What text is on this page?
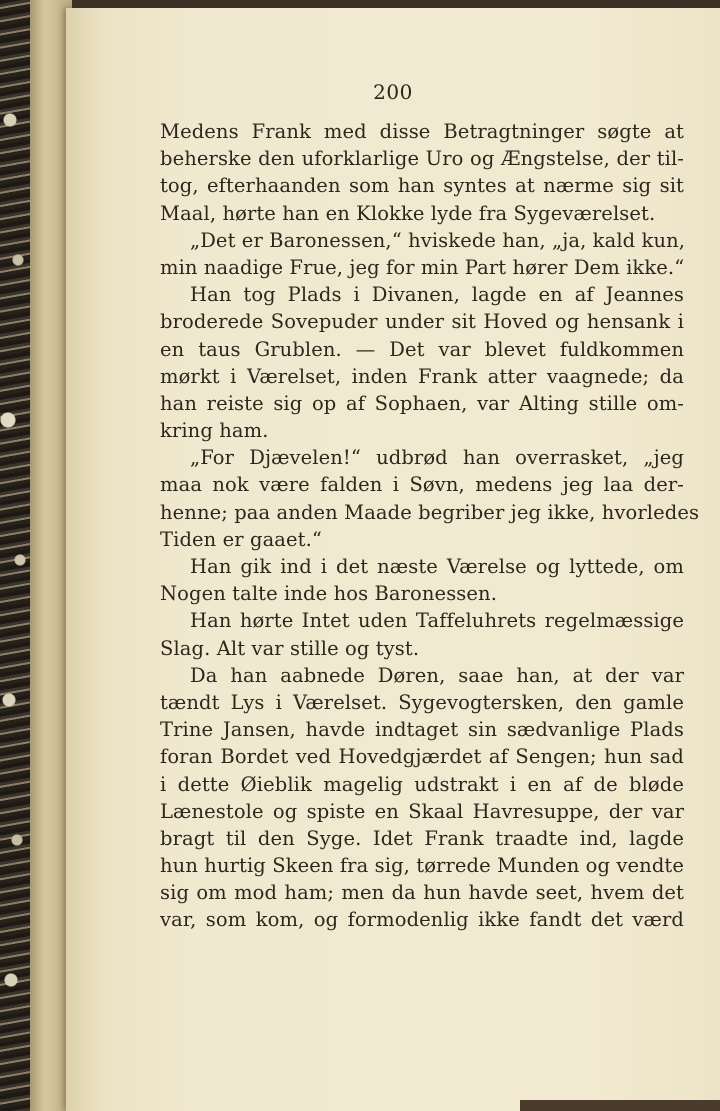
200
Medens Frank med disse Betragtninger søgte at
beherske den uforklarlige Uro og Ængstelse, der til-
tog, efterhaanden som han syntes at nærme sig sit
Maal, hørte han en Klokke lyde fra Sygeværelset.
„Det er Baronessen,“ hviskede han, „ja, kald kun,
min naadige Frue, jeg for min Part hører Dem ikke.“
Han tog Plads i Divanen, lagde en af Jeannes
broderede Sovepuder under sit Hoved og hensank i
en taus Grublen. — Det var blevet fuldkommen
mørkt i Værelset, inden Frank atter vaagnede; da
han reiste sig op af Sophaen, var Alting stille om-
kring ham.
„For Djævelen!“ udbrød han overrasket, „jeg
maa nok være falden i Søvn, medens jeg laa der-
henne; paa anden Maade begriber jeg ikke, hvorledes
Tiden er gaaet.“
Han gik ind i det næste Værelse og lyttede, om
Nogen talte inde hos Baronessen.
Han hørte Intet uden Taffeluhrets regelmæssige
Slag. Alt var stille og tyst.
Da han aabnede Døren, saae han, at der var
tændt Lys i Værelset. Sygevogtersken, den gamle
Trine Jansen, havde indtaget sin sædvanlige Plads
foran Bordet ved Hovedgjærdet af Sengen; hun sad
i dette Øieblik magelig udstrakt i en af de bløde
Lænestole og spiste en Skaal Havresuppe, der var
bragt til den Syge. Idet Frank traadte ind, lagde
hun hurtig Skeen fra sig, tørrede Munden og vendte
sig om mod ham; men da hun havde seet, hvem det
var, som kom, og formodenlig ikke fandt det værd
